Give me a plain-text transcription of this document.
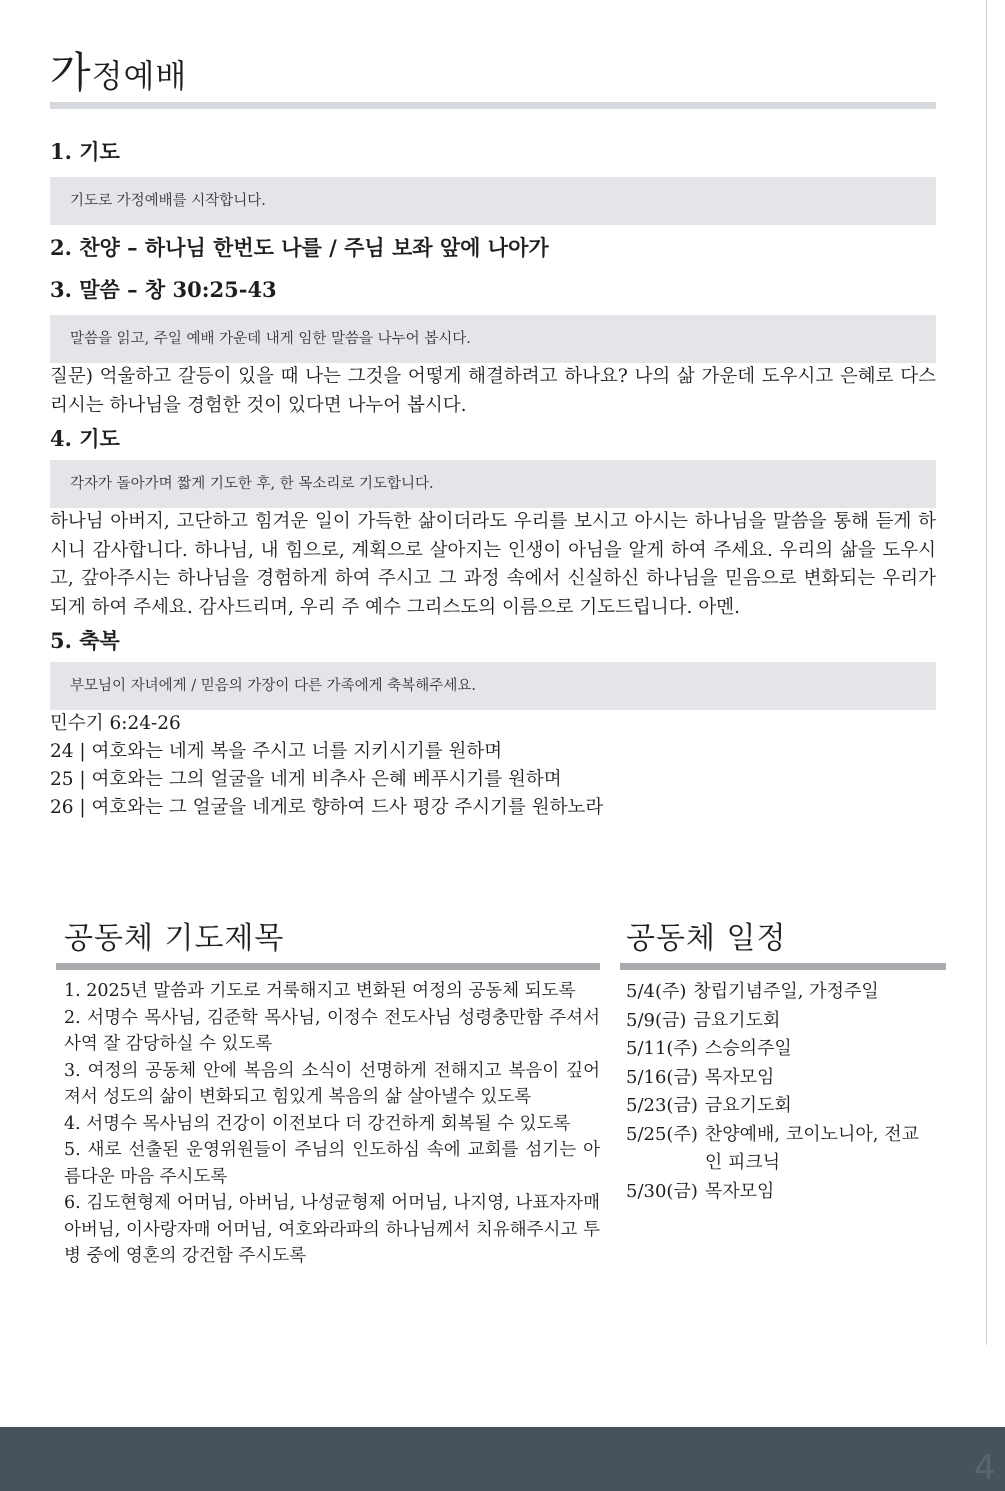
가정예배
1. 기도
기도로 가정예배를 시작합니다.
2. 찬양 – 하나님 한번도 나를 / 주님 보좌 앞에 나아가
3. 말씀 – 창 30:25-43
말씀을 읽고, 주일 예배 가운데 내게 임한 말씀을 나누어 봅시다.

질문) 억울하고 갈등이 있을 때 나는 그것을 어떻게 해결하려고 하나요? 나의 삶 가운데 도우시고 은혜로 다스리시는 하나님을 경험한 것이 있다면 나누어 봅시다.

4. 기도
각자가 돌아가며 짧게 기도한 후, 한 목소리로 기도합니다.

하나님 아버지, 고단하고 힘겨운 일이 가득한 삶이더라도 우리를 보시고 아시는 하나님을 말씀을 통해 듣게 하시니 감사합니다. 하나님, 내 힘으로, 계획으로 살아지는 인생이 아님을 알게 하여 주세요. 우리의 삶을 도우시고, 갚아주시는 하나님을 경험하게 하여 주시고 그 과정 속에서 신실하신 하나님을 믿음으로 변화되는 우리가 되게 하여 주세요. 감사드리며, 우리 주 예수 그리스도의 이름으로 기도드립니다. 아멘.

5. 축복
부모님이 자녀에게 / 믿음의 가장이 다른 가족에게 축복해주세요.

민수기 6:24-26

24 | 여호와는 네게 복을 주시고 너를 지키시기를 원하며

25 | 여호와는 그의 얼굴을 네게 비추사 은혜 베푸시기를 원하며

26 | 여호와는 그 얼굴을 네게로 향하여 드사 평강 주시기를 원하노라

공동체 기도제목
1. 2025년 말씀과 기도로 거룩해지고 변화된 여정의 공동체 되도록
2. 서명수 목사님, 김준학 목사님, 이정수 전도사님 성령충만함 주셔서 사역 잘 감당하실 수 있도록
3. 여정의 공동체 안에 복음의 소식이 선명하게 전해지고 복음이 깊어져서 성도의 삶이 변화되고 힘있게 복음의 삶 살아낼수 있도록
4. 서명수 목사님의 건강이 이전보다 더 강건하게 회복될 수 있도록
5. 새로 선출된 운영위원들이 주님의 인도하심 속에 교회를 섬기는 아름다운 마음 주시도록
6. 김도현형제 어머님, 아버님, 나성균형제 어머님, 나지영, 나표자자매 아버님, 이사랑자매 어머님, 여호와라파의 하나님께서 치유해주시고 투병 중에 영혼의 강건함 주시도록
공동체 일정
5/4(주) 창립기념주일, 가정주일
5/9(금) 금요기도회
5/11(주) 스승의주일
5/16(금) 목자모임
5/23(금) 금요기도회
5/25(주) 찬양예배, 코이노니아, 전교인 피크닉
5/30(금) 목자모임
4
